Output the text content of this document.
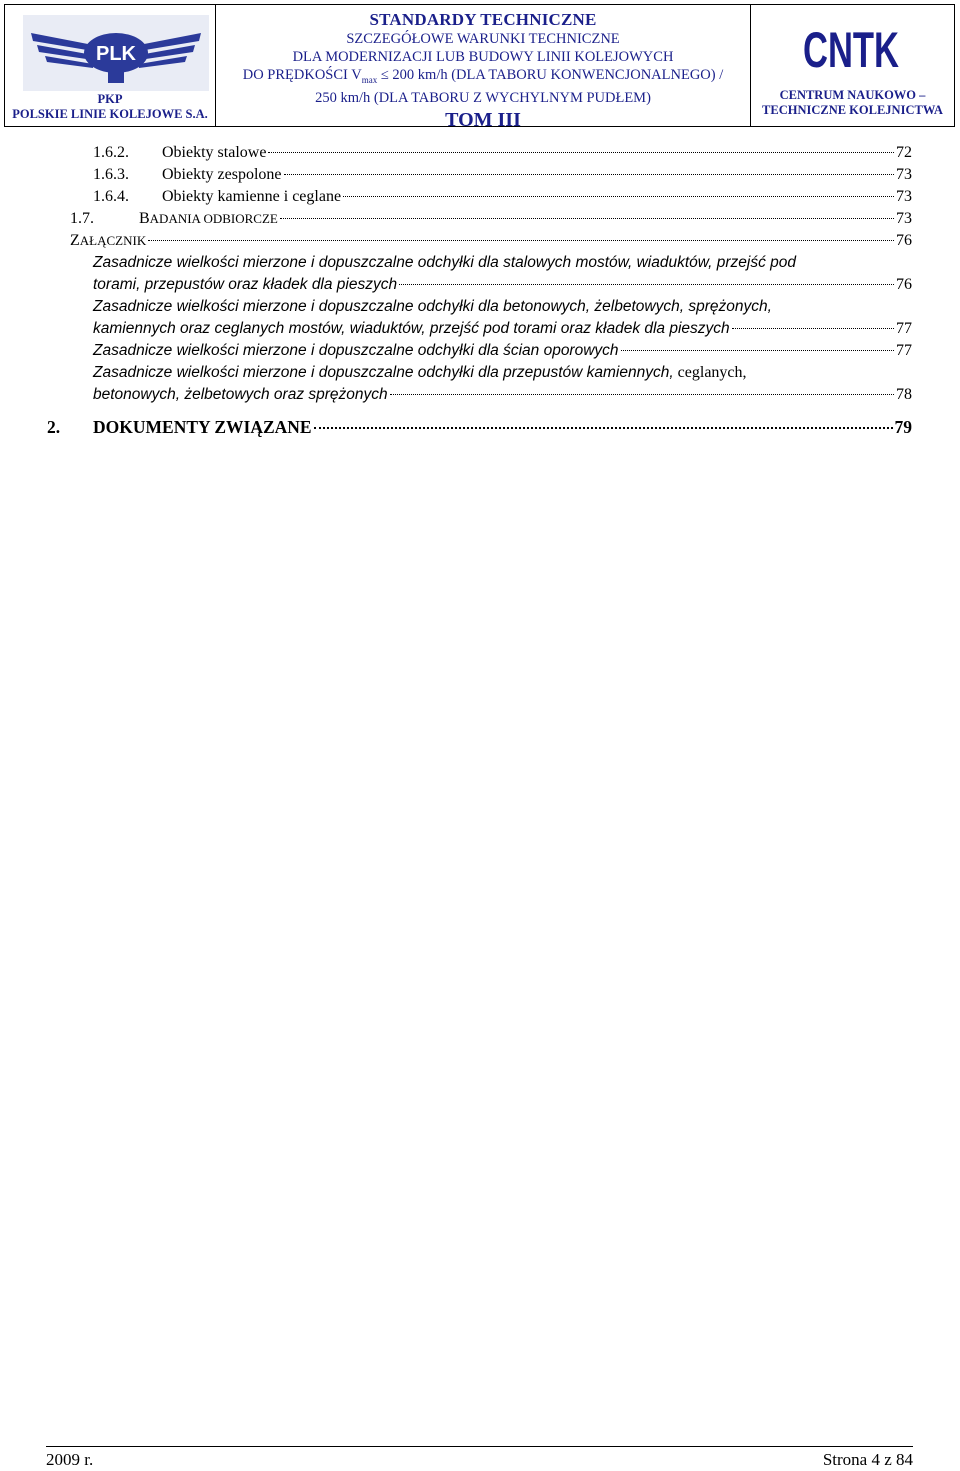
PLK
PKP
POLSKIE LINIE KOLEJOWE S.A.
STANDARDY TECHNICZNE
SZCZEGÓŁOWE WARUNKI TECHNICZNE
DLA MODERNIZACJI LUB BUDOWY LINII KOLEJOWYCH
DO PRĘDKOŚCI $V_{max} \le 200$ km/h (DLA TABORU KONWENCJONALNEGO) /
250 km/h (DLA TABORU Z WYCHYLNYM PUDŁEM)
TOM III
CNTK
CENTRUM NAUKOWO –
TECHNICZNE KOLEJNICTWA
1.6.2.	Obiekty stalowe	72
1.6.3.	Obiekty zespolone	73
1.6.4.	Obiekty kamienne i ceglane	73
1.7.	BADANIA ODBIORCZE	73
ZAŁĄCZNIK	76
Zasadnicze wielkości mierzone i dopuszczalne odchyłki dla stalowych mostów, wiaduktów, przejść pod
torami, przepustów oraz kładek dla pieszych	76
Zasadnicze wielkości mierzone i dopuszczalne odchyłki dla betonowych, żelbetowych, sprężonych,
kamiennych oraz ceglanych mostów, wiaduktów, przejść pod torami oraz kładek dla pieszych	77
Zasadnicze wielkości mierzone i dopuszczalne odchyłki dla ścian oporowych	77
Zasadnicze wielkości mierzone i dopuszczalne odchyłki dla przepustów kamiennych, ceglanych,
betonowych, żelbetowych oraz sprężonych	78
2.	DOKUMENTY ZWIĄZANE	79
2009 r.	Strona 4 z 84
